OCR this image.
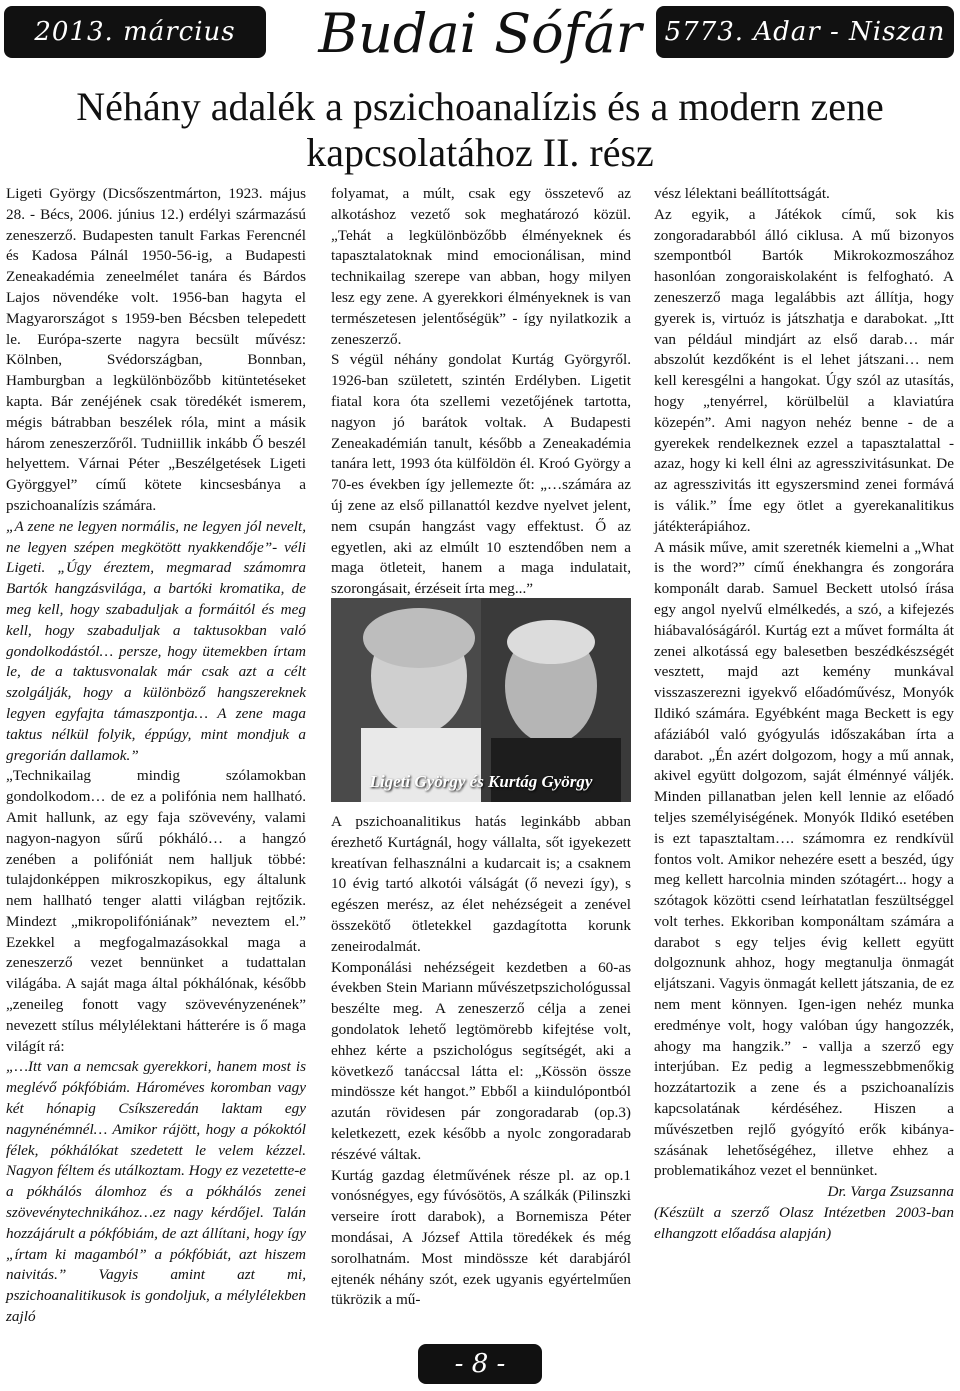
2013. március	Budai Sófár 5773. Adar - Niszan
Néhány adalék a pszichoanalízis és a modern zene
kapcsolatához II. rész

Ligeti György (Dicsőszentmárton, 1923. május 28. - Bécs, 2006. június 12.) erdélyi származású zeneszerző. Budapesten tanult Farkas Ferencnél és Kadosa Pálnál 1950-56-ig, a Budapesti Zeneakadémia zeneelmélet tanára és Bárdos Lajos növendéke volt. 1956-ban hagyta el Magyarországot s 1959-ben Bécsben telepedett le. Európa-szerte nagyra becsült művész: Kölnben, Svédországban, Bonnban, Hamburgban a legkülönbözőbb kitüntetéseket kapta. Bár zenéjének csak töredékét ismerem, mégis bátrabban beszélek róla, mint a másik három zeneszerzőről. Tudniillik inkább Ő beszél helyettem. Várnai Péter „Beszélgetések Ligeti Györggyel” című kötete kincsesbánya a pszichoanalízis számára.

„A zene ne legyen normális, ne legyen jól nevelt, ne legyen szépen megkötött nyakkendője”- véli Ligeti. „Úgy éreztem, megmarad számomra Bartók hangzásvilága, a bartóki kromatika, de meg kell, hogy szabaduljak a formáitól és meg kell, hogy szabaduljak a taktusokban való gondolkodástól… persze, hogy ütemekben írtam le, de a taktusvonalak már csak azt a célt szolgálják, hogy a különböző hangszereknek legyen egyfajta támaszpontja… A zene maga taktus nélkül folyik, éppúgy, mint mondjuk a gregorián dallamok.”

„Technikailag mindig szólamokban gondolkodom… de ez a polifónia nem hallható. Amit hallunk, az egy faja szövevény, valami nagyon-nagyon sűrű pókháló… a hangzó zenében a polifóniát nem halljuk többé: tulajdonképpen mikroszkopikus, egy általunk nem hallható tenger alatti világban rejtőzik. Mindezt „mikropolifóniának” neveztem el.” Ezekkel a megfogalmazásokkal maga a zeneszerző vezet bennünket a tudattalan világába. A saját maga által pókhálónak, később „zeneileg fonott vagy szövevényzenének” nevezett stílus mélylélektani hátterére is ő maga világít rá:

„…Itt van a nemcsak gyerekkori, hanem most is meglévő pókfóbiám. Hároméves koromban vagy két hónapig Csíkszeredán laktam egy nagynénémnél… Amikor rájött, hogy a pókoktól félek, pókhálókat szedetett le velem kézzel. Nagyon féltem és utálkoztam. Hogy ez vezetette-e a pókhálós álomhoz és a pókhálós zenei szövevénytechnikához…ez nagy kérdőjel. Talán hozzájárult a pókfóbiám, de azt állítani, hogy így „írtam ki magamból” a pókfóbiát, azt hiszem naivitás.” Vagyis amint azt mi, pszichoanalitikusok is gondoljuk, a mélylélekben zajló

folyamat, a múlt, csak egy összetevő az alkotáshoz vezető sok meghatározó közül. „Tehát a legkülönbözőbb élményeknek és tapasztalatoknak mind emocionálisan, mind technikailag szerepe van abban, hogy milyen lesz egy zene. A gyerekkori élményeknek is van természetesen jelentőségük” - így nyilatkozik a zeneszerző.

S végül néhány gondolat Kurtág Györgyről. 1926-ban született, szintén Erdélyben. Ligetit fiatal kora óta szellemi vezetőjének tartotta, nagyon jó barátok voltak. A Budapesti Zeneakadémián tanult, később a Zeneakadémia tanára lett, 1993 óta külföldön él. Kroó György a 70-es években így jellemezte őt: „…számára az új zene az első pillanattól kezdve nyelvet jelent, nem csupán hangzást vagy effektust. Ő az egyetlen, aki az elmúlt 10 esztendőben nem a maga ötleteit, hanem a maga indulatait, szorongásait, érzéseit írta meg...”

Ligeti György és Kurtág György

A pszichoanalitikus hatás leginkább abban érezhető Kurtágnál, hogy vállalta, sőt igyekezett kreatívan felhasználni a kudarcait is; a csaknem 10 évig tartó alkotói válságát (ő nevezi így), s egészen merész, az élet nehézségeit a zenével összekötő ötletekkel gazdagította korunk zeneirodalmát.

Komponálási nehézségeit kezdetben a 60-as években Stein Mariann művészetpszichológussal beszélte meg. A zeneszerző célja a zenei gondolatok lehető legtömörebb kifejtése volt, ehhez kérte a pszichológus segítségét, aki a következő tanáccsal látta el: „Kössön össze mindössze két hangot.” Ebből a kiindulópontból azután rövidesen pár zongoradarab (op.3) keletkezett, ezek később a nyolc zongoradarab részévé váltak.

Kurtág gazdag életművének része pl. az op.1 vonósnégyes, egy fúvósötös, A szálkák (Pilinszki verseire írott darabok), a Bornemisza Péter mondásai, A József Attila töredékek és még sorolhatnám. Most mindössze két darabjáról ejtenék néhány szót, ezek ugyanis egyértelműen tükrözik a mű-

vész lélektani beállítottságát.

Az egyik, a Játékok című, sok kis zongoradarabból álló ciklusa. A mű bizonyos szempontból Bartók Mikrokozmoszához hasonlóan zongoraiskolaként is felfogható. A zeneszerző maga legalábbis azt állítja, hogy gyerek is, virtuóz is játszhatja e darabokat. „Itt van például mindjárt az első darab… már abszolút kezdőként is el lehet játszani… nem kell keresgélni a hangokat. Úgy szól az utasítás, hogy „tenyérrel, körülbelül a klaviatúra közepén”. Ami nagyon nehéz benne - de a gyerekek rendelkeznek ezzel a tapasztalattal - azaz, hogy ki kell élni az agresszivitásunkat. De az agresszivitás itt egyszersmind zenei formává is válik.” Íme egy ötlet a gyerekanalitikus játékterápiához.

A másik műve, amit szeretnék kiemelni a „What is the word?” című énekhangra és zongorára komponált darab. Samuel Beckett utolsó írása egy angol nyelvű elmélkedés, a szó, a kifejezés hiábavalóságáról. Kurtág ezt a művet formálta át zenei alkotássá egy balesetben beszédkészségét vesztett, majd azt kemény munkával visszaszerezni igyekvő előadóművész, Monyók Ildikó számára. Egyébként maga Beckett is egy afáziából való gyógyulás időszakában írta a darabot. „Én azért dolgozom, hogy a mű annak, akivel együtt dolgozom, saját élménnyé váljék. Minden pillanatban jelen kell lennie az előadó teljes személyiségének. Monyók Ildikó esetében is ezt tapasztaltam…. számomra ez rendkívül fontos volt. Amikor nehezére esett a beszéd, úgy meg kellett harcolnia minden szótagért... hogy a szótagok közötti csend leírhatatlan feszültséggel volt terhes. Ekkoriban komponáltam számára a darabot s egy teljes évig kellett együtt dolgoznunk ahhoz, hogy megtanulja önmagát eljátszani. Vagyis önmagát kellett játszania, de ez nem ment könnyen. Igen-igen nehéz munka eredménye volt, hogy valóban úgy hangozzék, ahogy ma hangzik.” - vallja a szerző egy interjúban. Ez pedig a legmesszebbmenőkig hozzátartozik a zene és a pszichoanalízis kapcsolatának kérdéséhez. Hiszen a művészetben rejlő gyógyító erők kibányaszásának lehetőségéhez, illetve ehhez a problematikához vezet el bennünket.

Dr. Varga Zsuzsanna

(Készült a szerző Olasz Intézetben 2003-ban elhangzott előadása alapján)

- 8 -
